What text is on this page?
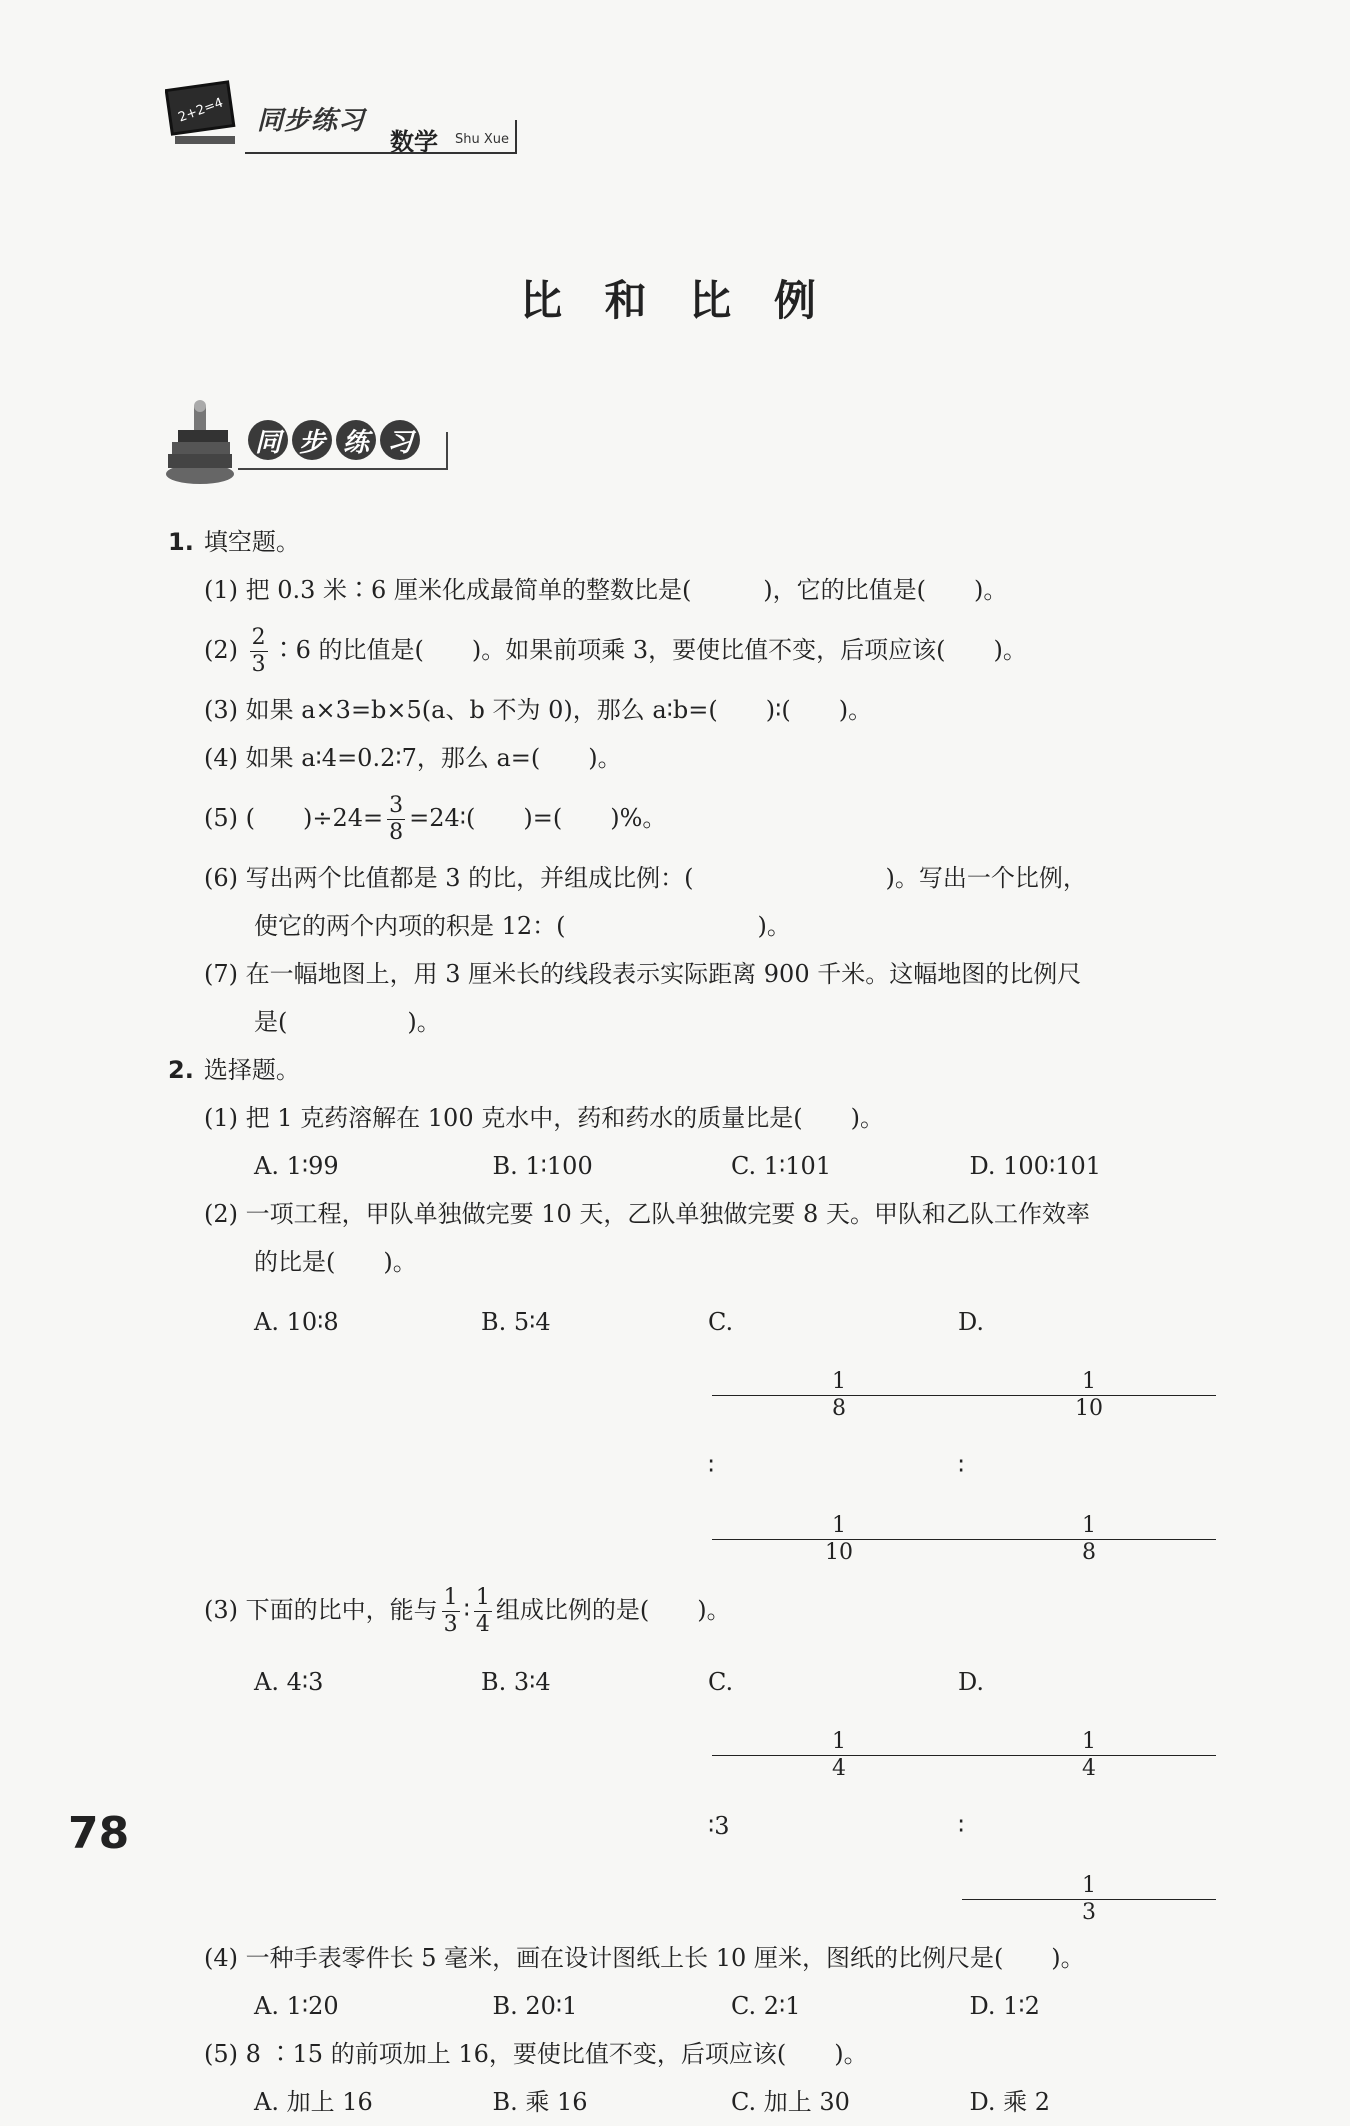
2+2=4 同步练习
数学 Shu Xue
比 和 比 例
同 步 练 习
1. 填空题。
(1) 把 0.3 米∶6 厘米化成最简单的整数比是(　　　)，它的比值是(　　)。
$(2) \frac{2}{3}$ ∶6 的比值是(　　)。如果前项乘 3，要使比值不变，后项应该(　　)。
(3) 如果 a×3=b×5(a、b 不为 0)，那么 a∶b=(　　)∶(　　)。
(4) 如果 a∶4=0.2∶7，那么 a=(　　)。
(5) (　　)$\div 24= \frac{3}{8}$ =24∶(　　)=(　　)%。
(6) 写出两个比值都是 3 的比，并组成比例：(　　　　　　　　)。写出一个比例，
使它的两个内项的积是 12：(　　　　　　　　)。
(7) 在一幅地图上，用 3 厘米长的线段表示实际距离 900 千米。这幅地图的比例尺
是(　　　　　)。
2. 选择题。
(1) 把 1 克药溶解在 100 克水中，药和药水的质量比是(　　)。
A. 1∶99	B. 1∶100	C. 1∶101	D. 100∶101
(2) 一项工程，甲队单独做完要 10 天，乙队单独做完要 8 天。甲队和乙队工作效率
的比是(　　)。
A. 10∶8	B. 5∶4	C.
$\frac{1}{8}$
∶
$\frac{1}{10}$
D.
$\frac{1}{10}$
∶
$\frac{1}{8}$
(3) 下面的比中，能与 $\frac{1}{3}$ ∶ $\frac{1}{4}$ 组成比例的是(　　)。
A. 4∶3	B. 3∶4	C.
$\frac{1}{4}$
∶3
D.
$\frac{1}{4}$
∶
$\frac{1}{3}$
(4) 一种手表零件长 5 毫米，画在设计图纸上长 10 厘米，图纸的比例尺是(　　)。
A. 1∶20	B. 20∶1	C. 2∶1	D. 1∶2
(5) 8 ∶15 的前项加上 16，要使比值不变，后项应该(　　)。
A. 加上 16	B. 乘 16	C. 加上 30	D. 乘 2
78
